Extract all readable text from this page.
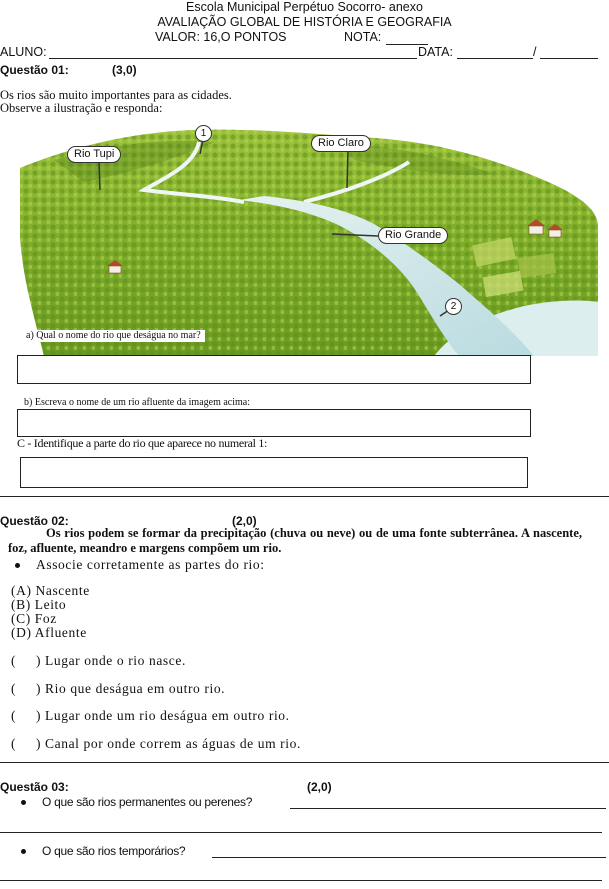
Escola Municipal Perpétuo Socorro- anexo
AVALIAÇÃO GLOBAL DE HISTÓRIA E GEOGRAFIA
VALOR: 16,O PONTOS	NOTA:
ALUNO:	DATA:	/
Questão 01:	(3,0)
Os rios são muito importantes para as cidades.
Observe a ilustração e responda:
Rio Tupi
Rio Claro
Rio Grande
1
2
a) Qual o nome do rio que deságua no mar?
b) Escreva o nome de um rio afluente da imagem acima:
C - Identifique a parte do rio que aparece no numeral 1:
Questão 02:	(2,0)
Os rios podem se formar da precipitação (chuva ou neve) ou de uma fonte subterrânea. A nascente, foz, afluente, meandro e margens compõem um rio.
Associe corretamente as partes do rio:
(A) Nascente
(B) Leito
(C) Foz
(D) Afluente
(     ) Lugar onde o rio nasce.
(     ) Rio que deságua em outro rio.
(     ) Lugar onde um rio deságua em outro rio.
(     ) Canal por onde correm as águas de um rio.
Questão 03:	(2,0)
O que são rios permanentes ou perenes?
O que são rios temporários?
